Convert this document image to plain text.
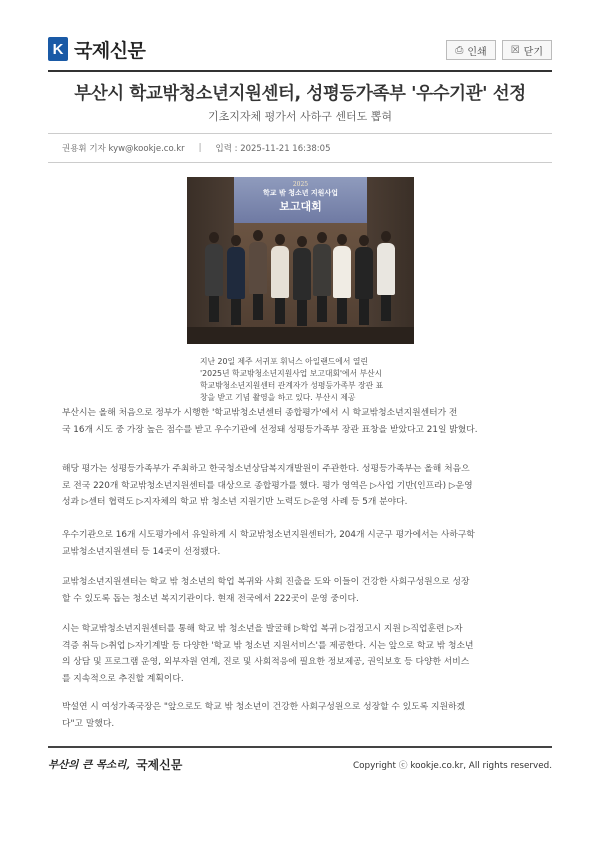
K 국제신문	⎙ 인쇄 ☒ 닫기
부산시 학교밖청소년지원센터, 성평등가족부 '우수기관' 선정
기초지자체 평가서 사하구 센터도 뽑혀
권용휘 기자 kyw@kookje.co.kr | 입력 : 2025-11-21 16:38:05
2025
학교 밖 청소년 지원사업
보고대회
지난 20일 제주 서귀포 휘닉스 아일랜드에서 열린
'2025년 학교밖청소년지원사업 보고대회'에서 부산시
학교밖청소년지원센터 관계자가 성평등가족부 장관 표
창을 받고 기념 촬영을 하고 있다. 부산시 제공
부산시는 올해 처음으로 정부가 시행한 '학교밖청소년센터 종합평가'에서 시 학교밖청소년지원센터가 전
국 16개 시도 중 가장 높은 점수를 받고 우수기관에 선정돼 성평등가족부 장관 표창을 받았다고 21일 밝혔다.
해당 평가는 성평등가족부가 주최하고 한국청소년상담복지개발원이 주관한다. 성평등가족부는 올해 처음으
로 전국 220개 학교밖청소년지원센터를 대상으로 종합평가를 했다. 평가 영역은 ▷사업 기반(인프라) ▷운영
성과 ▷센터 협력도 ▷지자체의 학교 밖 청소년 지원기반 노력도 ▷운영 사례 등 5개 분야다.
우수기관으로 16개 시도평가에서 유일하게 시 학교밖청소년지원센터가, 204개 시군구 평가에서는 사하구학
교밖청소년지원센터 등 14곳이 선정됐다.
교밖청소년지원센터는 학교 밖 청소년의 학업 복귀와 사회 진출을 도와 이들이 건강한 사회구성원으로 성장
할 수 있도록 돕는 청소년 복지기관이다. 현재 전국에서 222곳이 운영 중이다.
시는 학교밖청소년지원센터를 통해 학교 밖 청소년을 발굴해 ▷학업 복귀 ▷검정고시 지원 ▷직업훈련 ▷자
격증 취득 ▷취업 ▷자기계발 등 다양한 '학교 밖 청소년 지원서비스'를 제공한다. 시는 앞으로 학교 밖 청소년
의 상담 및 프로그램 운영, 외부자원 연계, 진로 및 사회적응에 필요한 정보제공, 권익보호 등 다양한 서비스
를 지속적으로 추진할 계획이다.
박설연 시 여성가족국장은 "앞으로도 학교 밖 청소년이 건강한 사회구성원으로 성장할 수 있도록 지원하겠
다"고 말했다.
부산의 큰 목소리, 국제신문	Copyright ⓒ kookje.co.kr, All rights reserved.
